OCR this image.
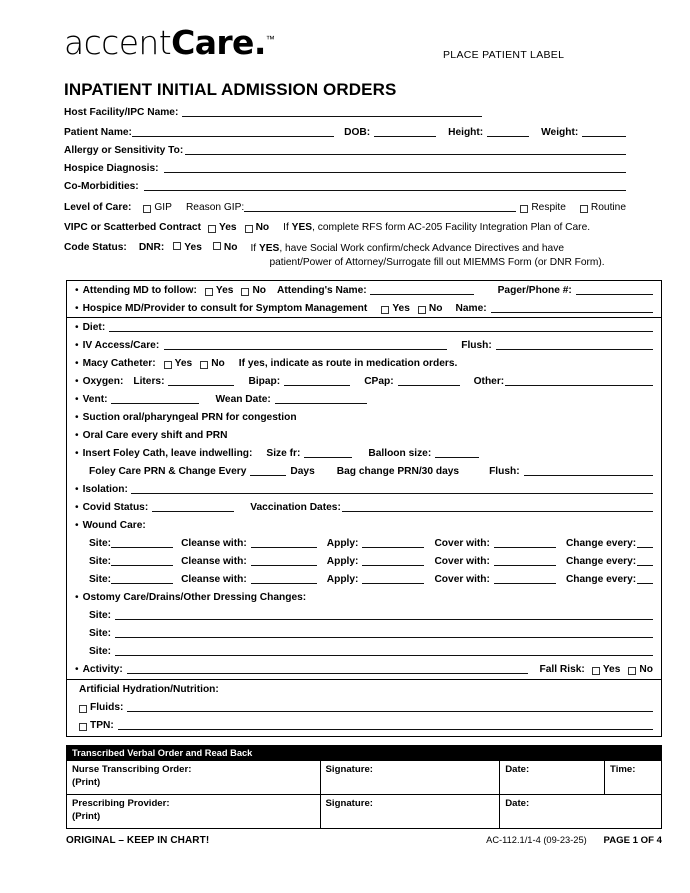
accentCare.™
PLACE PATIENT LABEL
INPATIENT INITIAL ADMISSION ORDERS
Host Facility/IPC Name:
Patient Name:	DOB:	Height:	Weight:
Allergy or Sensitivity To:
Hospice Diagnosis:
Co-Morbidities:
Level of Care: GIP Reason GIP:	Respite Routine
VIPC or Scatterbed Contract Yes No If YES, complete RFS form AC-205 Facility Integration Plan of Care.
Code Status: DNR: Yes No If YES, have Social Work confirm/check Advance Directives and have
patient/Power of Attorney/Surrogate fill out MIEMMS Form (or DNR Form).
• Attending MD to follow: Yes No Attending's Name:	Pager/Phone #:
• Hospice MD/Provider to consult for Symptom Management Yes No Name:
• Diet:
• IV Access/Care:	Flush:
• Macy Catheter: Yes No If yes, indicate as route in medication orders.
• Oxygen: Liters:	Bipap:	CPap:	Other:
• Vent:	Wean Date:
• Suction oral/pharyngeal PRN for congestion
• Oral Care every shift and PRN
• Insert Foley Cath, leave indwelling: Size fr:	Balloon size:
Foley Care PRN & Change Every	Days Bag change PRN/30 days	Flush:
• Isolation:
• Covid Status:	Vaccination Dates:
• Wound Care:
Site:	Cleanse with:	Apply:	Cover with:	Change every:
Site:	Cleanse with:	Apply:	Cover with:	Change every:
Site:	Cleanse with:	Apply:	Cover with:	Change every:
• Ostomy Care/Drains/Other Dressing Changes:
Site:
Site:
Site:
• Activity:	Fall Risk: Yes No
Artificial Hydration/Nutrition:
Fluids:
TPN:
Transcribed Verbal Order and Read Back			
Nurse Transcribing Order:
(Print)	Signature:	Date:	Time:
Prescribing Provider:
(Print)	Signature:	Date:	
ORIGINAL – KEEP IN CHART!	AC-112.1/1-4 (09-23-25) PAGE 1 OF 4
